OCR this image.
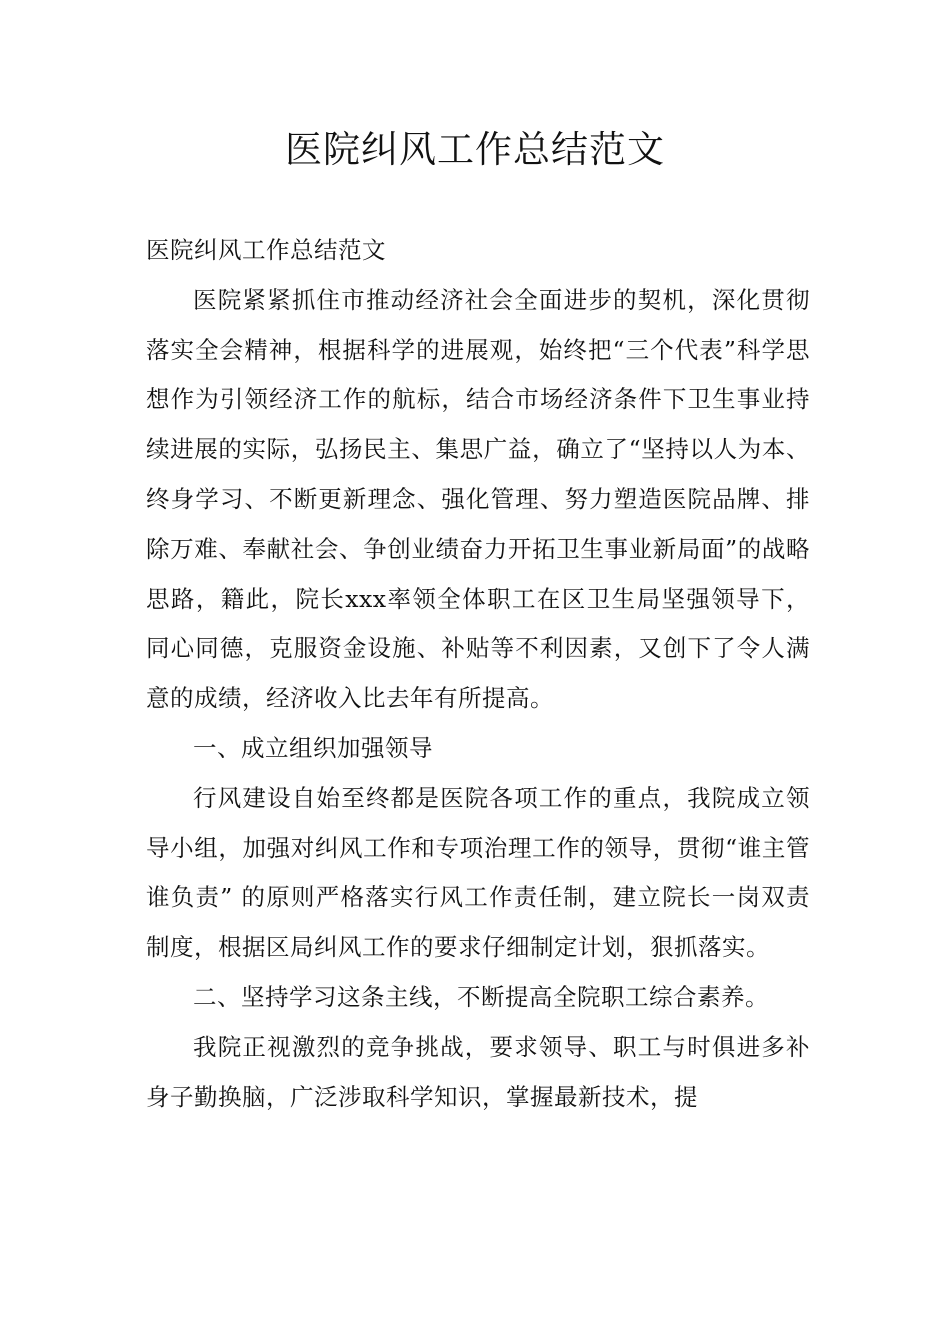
医院纠风工作总结范文

医院纠风工作总结范文

医院紧紧抓住市推动经济社会全面进步的契机，深化贯彻落实全会精神，根据科学的进展观，始终把“三个代表”科学思想作为引领经济工作的航标，结合市场经济条件下卫生事业持续进展的实际，弘扬民主、集思广益，确立了“坚持以人为本、终身学习、不断更新理念、强化管理、努力塑造医院品牌、排除万难、奉献社会、争创业绩奋力开拓卫生事业新局面”的战略思路，籍此，院长xxx率领全体职工在区卫生局坚强领导下，同心同德，克服资金设施、补贴等不利因素，又创下了令人满意的成绩，经济收入比去年有所提高。

一、成立组织加强领导

行风建设自始至终都是医院各项工作的重点，我院成立领导小组，加强对纠风工作和专项治理工作的领导，贯彻“谁主管谁负责” 的原则严格落实行风工作责任制，建立院长一岗双责制度，根据区局纠风工作的要求仔细制定计划，狠抓落实。

二、坚持学习这条主线，不断提高全院职工综合素养。

我院正视激烈的竞争挑战，要求领导、职工与时俱进多补身子勤换脑，广泛涉取科学知识，掌握最新技术，提
